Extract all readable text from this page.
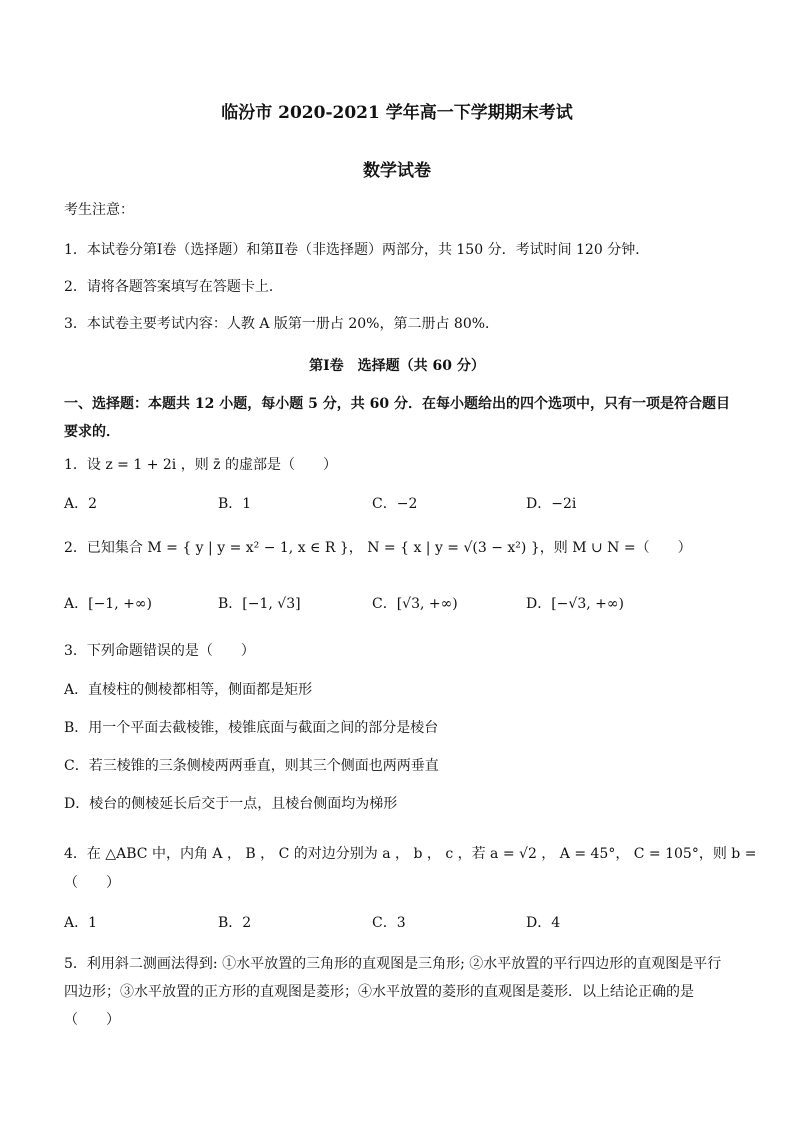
临汾市 2020-2021 学年高一下学期期末考试
数学试卷
考生注意：
1．本试卷分第Ⅰ卷（选择题）和第Ⅱ卷（非选择题）两部分，共 150 分．考试时间 120 分钟．
2．请将各题答案填写在答题卡上．
3．本试卷主要考试内容：人教 A 版第一册占 20%，第二册占 80%．
第Ⅰ卷　选择题（共 60 分）
一、选择题：本题共 12 小题，每小题 5 分，共 60 分．在每小题给出的四个选项中，只有一项是符合题目要求的．
1．设 z = 1 + 2i ，则 z̄ 的虚部是（　　）
A．2	B．1	C．−2	D．−2i
2．已知集合 M = { y | y = x² − 1, x ∈ R }， N = { x | y = √(3 − x²) }，则 M ∪ N =（　　）
A．[−1, +∞)	B．[−1, √3]	C．[√3, +∞)	D．[−√3, +∞)
3．下列命题错误的是（　　）
A．直棱柱的侧棱都相等，侧面都是矩形
B．用一个平面去截棱锥，棱锥底面与截面之间的部分是棱台
C．若三棱锥的三条侧棱两两垂直，则其三个侧面也两两垂直
D．棱台的侧棱延长后交于一点，且棱台侧面均为梯形
4．在 △ABC 中，内角 A ， B ， C 的对边分别为 a ， b ， c ，若 a = √2 ， A = 45°， C = 105°，则 b =
（　　）
A．1	B．2	C．3	D．4
5．利用斜二测画法得到: ①水平放置的三角形的直观图是三角形; ②水平放置的平行四边形的直观图是平行四边形；③水平放置的正方形的直观图是菱形；④水平放置的菱形的直观图是菱形．以上结论正确的是（　　）
